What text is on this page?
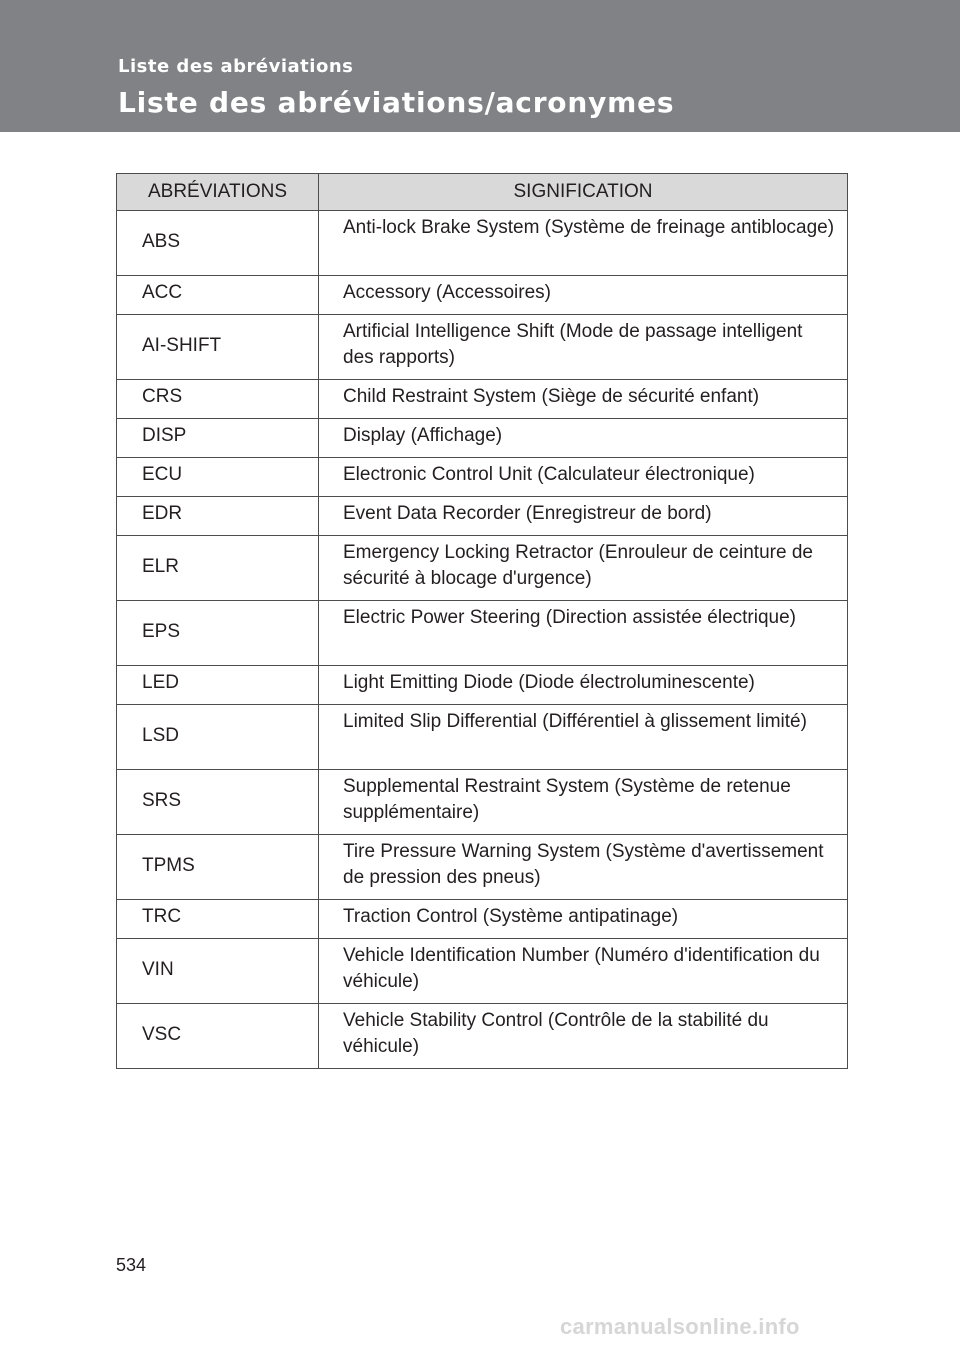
Liste des abréviations
Liste des abréviations/acronymes
ABRÉVIATIONS	SIGNIFICATION
ABS	Anti-lock Brake System (Système de freinage antiblocage)
ACC	Accessory (Accessoires)
AI-SHIFT	Artificial Intelligence Shift (Mode de passage intelligent des rapports)
CRS	Child Restraint System (Siège de sécurité enfant)
DISP	Display (Affichage)
ECU	Electronic Control Unit (Calculateur électronique)
EDR	Event Data Recorder (Enregistreur de bord)
ELR	Emergency Locking Retractor (Enrouleur de ceinture de sécurité à blocage d'urgence)
EPS	Electric Power Steering (Direction assistée électrique)
LED	Light Emitting Diode (Diode électroluminescente)
LSD	Limited Slip Differential (Différentiel à glissement limité)
SRS	Supplemental Restraint System (Système de retenue supplémentaire)
TPMS	Tire Pressure Warning System (Système d'avertissement de pression des pneus)
TRC	Traction Control (Système antipatinage)
VIN	Vehicle Identification Number (Numéro d'identification du véhicule)
VSC	Vehicle Stability Control (Contrôle de la stabilité du véhicule)
534
carmanualsonline.info
